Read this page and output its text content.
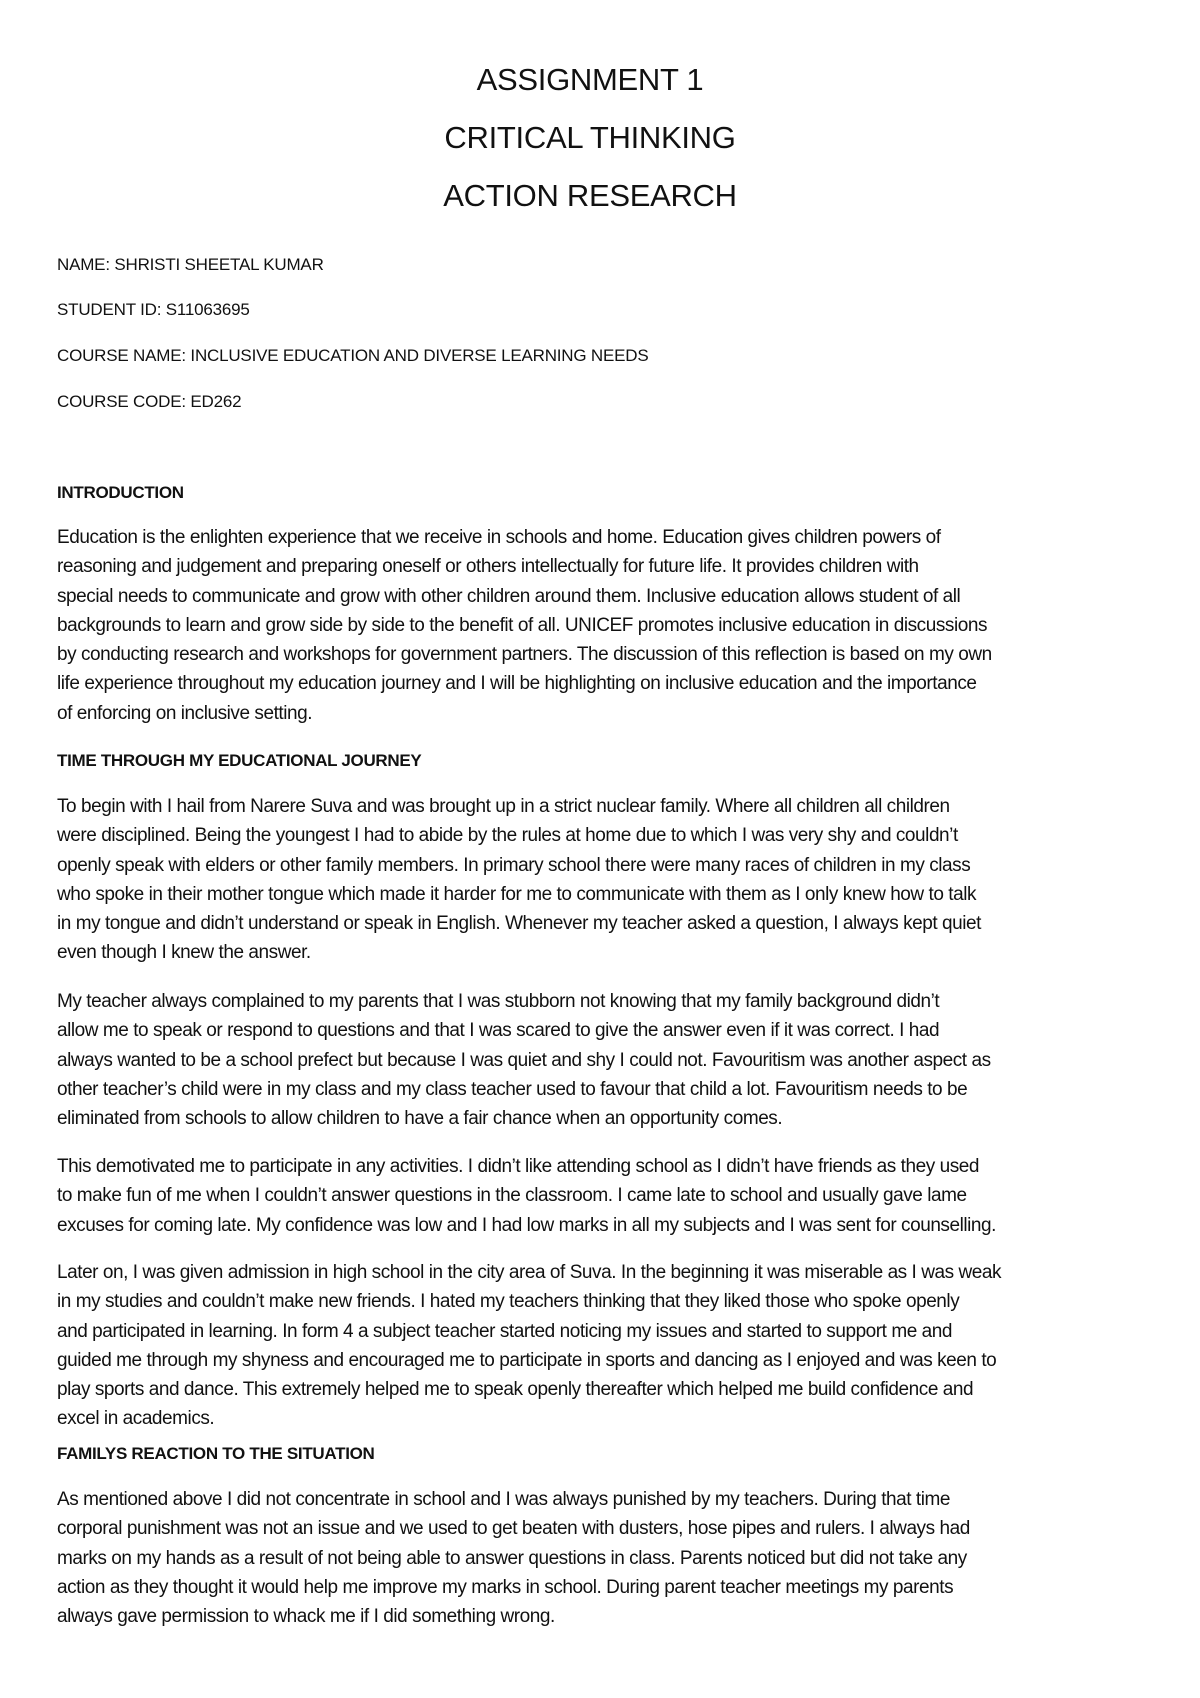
ASSIGNMENT 1
CRITICAL THINKING
ACTION RESEARCH
NAME: SHRISTI SHEETAL KUMAR
STUDENT ID: S11063695
COURSE NAME: INCLUSIVE EDUCATION AND DIVERSE LEARNING NEEDS
COURSE CODE: ED262
INTRODUCTION
Education is the enlighten experience that we receive in schools and home. Education gives children powers of
reasoning and judgement and preparing oneself or others intellectually for future life. It provides children with
special needs to communicate and grow with other children around them. Inclusive education allows student of all
backgrounds to learn and grow side by side to the benefit of all. UNICEF promotes inclusive education in discussions
by conducting research and workshops for government partners. The discussion of this reflection is based on my own
life experience throughout my education journey and I will be highlighting on inclusive education and the importance
of enforcing on inclusive setting.
TIME THROUGH MY EDUCATIONAL JOURNEY
To begin with I hail from Narere Suva and was brought up in a strict nuclear family. Where all children all children
were disciplined. Being the youngest I had to abide by the rules at home due to which I was very shy and couldn’t
openly speak with elders or other family members. In primary school there were many races of children in my class
who spoke in their mother tongue which made it harder for me to communicate with them as I only knew how to talk
in my tongue and didn’t understand or speak in English. Whenever my teacher asked a question, I always kept quiet
even though I knew the answer.
My teacher always complained to my parents that I was stubborn not knowing that my family background didn’t
allow me to speak or respond to questions and that I was scared to give the answer even if it was correct. I had
always wanted to be a school prefect but because I was quiet and shy I could not. Favouritism was another aspect as
other teacher’s child were in my class and my class teacher used to favour that child a lot. Favouritism needs to be
eliminated from schools to allow children to have a fair chance when an opportunity comes.
This demotivated me to participate in any activities. I didn’t like attending school as I didn’t have friends as they used
to make fun of me when I couldn’t answer questions in the classroom. I came late to school and usually gave lame
excuses for coming late. My confidence was low and I had low marks in all my subjects and I was sent for counselling.
Later on, I was given admission in high school in the city area of Suva. In the beginning it was miserable as I was weak
in my studies and couldn’t make new friends. I hated my teachers thinking that they liked those who spoke openly
and participated in learning. In form 4 a subject teacher started noticing my issues and started to support me and
guided me through my shyness and encouraged me to participate in sports and dancing as I enjoyed and was keen to
play sports and dance. This extremely helped me to speak openly thereafter which helped me build confidence and
excel in academics.
FAMILYS REACTION TO THE SITUATION
As mentioned above I did not concentrate in school and I was always punished by my teachers. During that time
corporal punishment was not an issue and we used to get beaten with dusters, hose pipes and rulers. I always had
marks on my hands as a result of not being able to answer questions in class. Parents noticed but did not take any
action as they thought it would help me improve my marks in school. During parent teacher meetings my parents
always gave permission to whack me if I did something wrong.
